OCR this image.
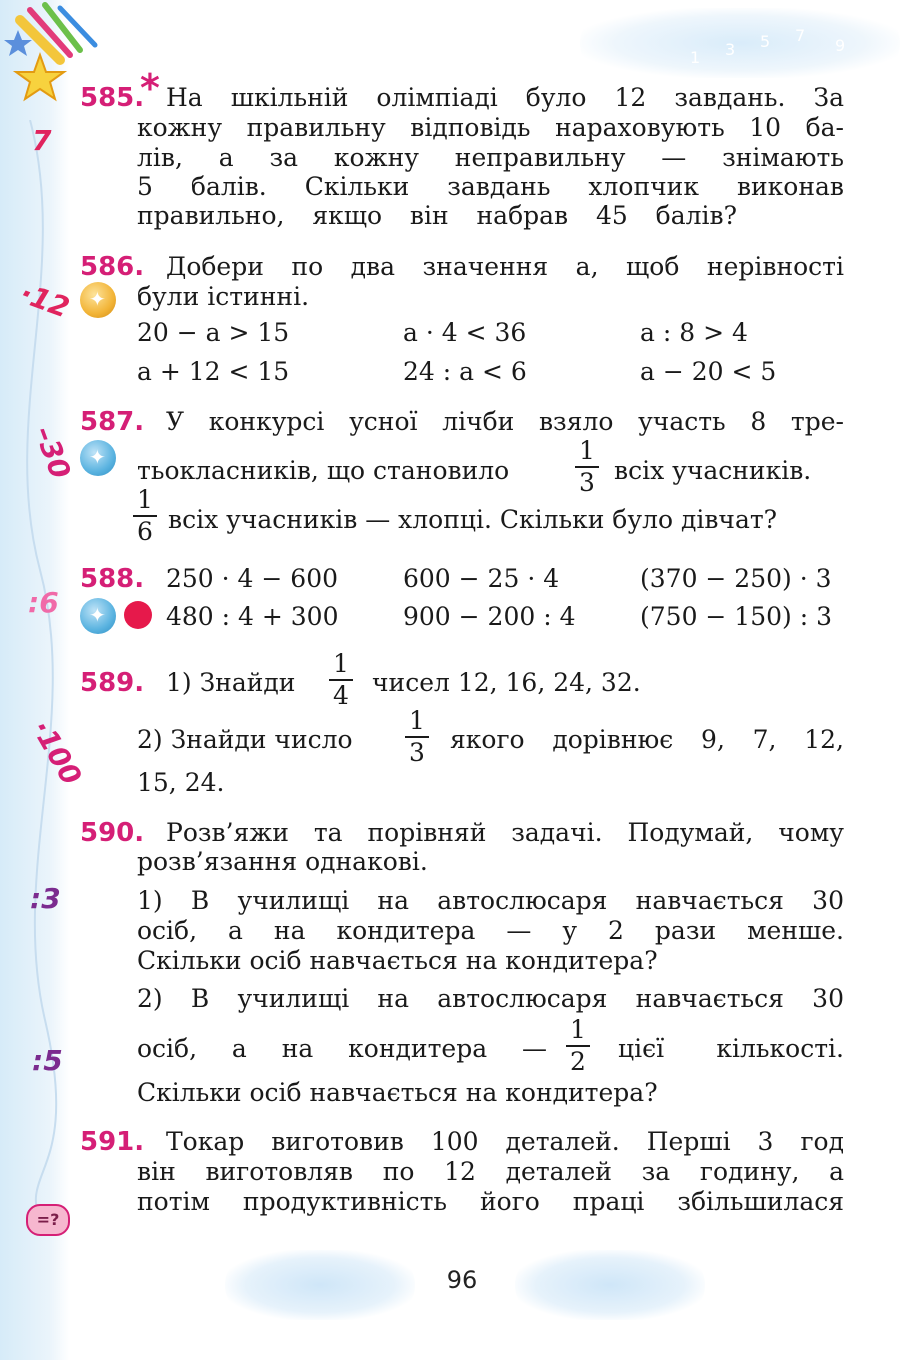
7
·12
–30
:6
·100
:3
:5
=?
1 3 5 7
9
585.
* На шкільній олімпіаді було 12 завдань. За
кожну правильну відповідь нараховують 10 ба-
лів, а за кожну неправильну — знімають
5 балів. Скільки завдань хлопчик виконав
правильно, якщо він набрав 45 балів?
586.
✦
Добери по два значення a, щоб нерівності
були істинні.
20 − a > 15	a · 4 < 36	a : 8 > 4
a + 12 < 15	24 : a < 6	a − 20 < 5
587.
✦
У конкурсі усної лічби взяло участь 8 тре-
тьокласників, що становило
1
3 всіх учасників.
1
6 всіх учасників — хлопці. Скільки було дівчат?
588.
✦
250 · 4 − 600	600 − 25 · 4	(370 − 250) · 3
480 : 4 + 300	900 − 200 : 4	(750 − 150) : 3
589. 1) Знайди
1
4 чисел 12, 16, 24, 32.
2) Знайди число
1
3 якого дорівнює 9, 7, 12,
15, 24.
590. Розв’яжи та порівняй задачі. Подумай, чому
розв’язання однакові.
1) В училищі на автослюсаря навчається 30
осіб, а на кондитера — у 2 рази менше.
Скільки осіб навчається на кондитера?
2) В училищі на автослюсаря навчається 30
осіб, а на кондитера —
1
2 цієї кількості.
Скільки осіб навчається на кондитера?
591. Токар виготовив 100 деталей. Перші 3 год
він виготовляв по 12 деталей за годину, а
потім продуктивність його праці збільшилася
96
